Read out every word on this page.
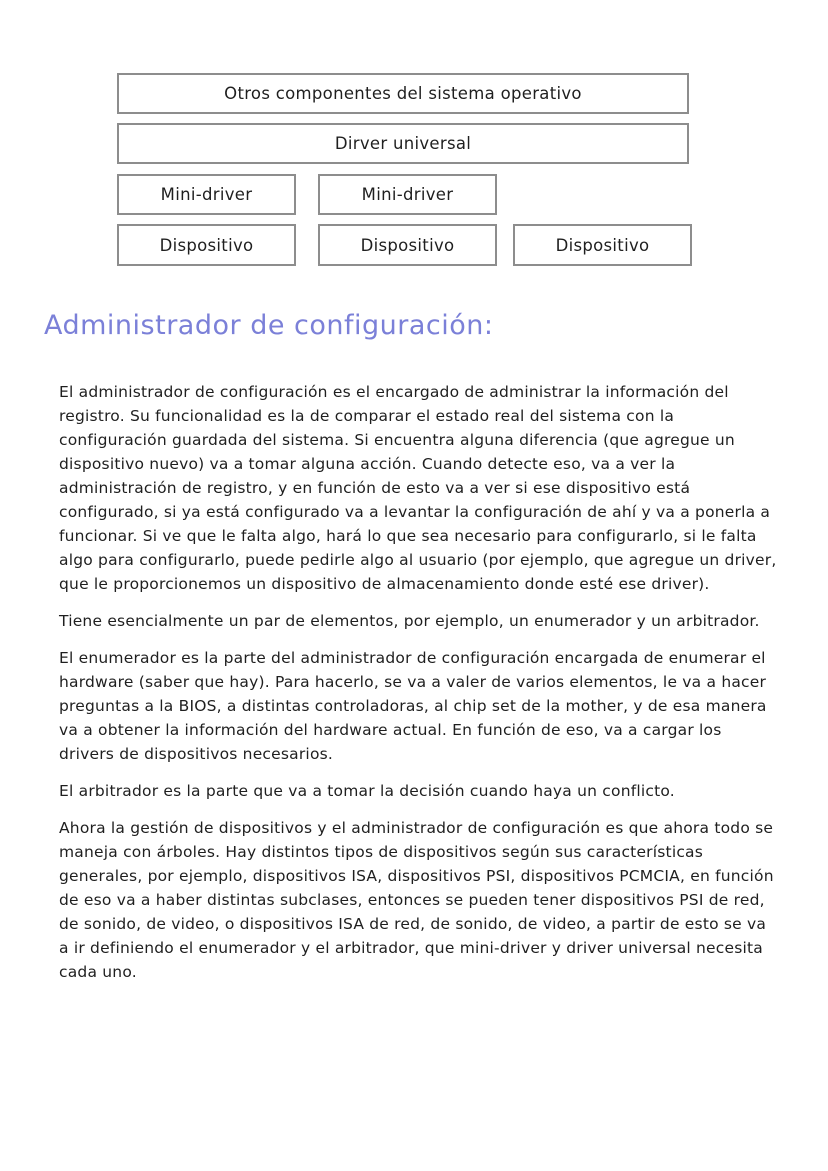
Otros componentes del sistema operativo
Dirver universal
Mini-driver	Mini-driver
Dispositivo	Dispositivo	Dispositivo
Administrador de configuración:

El administrador de configuración es el encargado de administrar la información del registro. Su funcionalidad es la de comparar el estado real del sistema con la configuración guardada del sistema. Si encuentra alguna diferencia (que agregue un dispositivo nuevo) va a tomar alguna acción. Cuando detecte eso, va a ver la administración de registro, y en función de esto va a ver si ese dispositivo está configurado, si ya está configurado va a levantar la configuración de ahí y va a ponerla a funcionar. Si ve que le falta algo, hará lo que sea necesario para configurarlo, si le falta algo para configurarlo, puede pedirle algo al usuario (por ejemplo, que agregue un driver, que le proporcionemos un dispositivo de almacenamiento donde esté ese driver).

Tiene esencialmente un par de elementos, por ejemplo, un enumerador y un arbitrador.

El enumerador es la parte del administrador de configuración encargada de enumerar el hardware (saber que hay). Para hacerlo, se va a valer de varios elementos, le va a hacer preguntas a la BIOS, a distintas controladoras, al chip set de la mother, y de esa manera va a obtener la información del hardware actual. En función de eso, va a cargar los drivers de dispositivos necesarios.

El arbitrador es la parte que va a tomar la decisión cuando haya un conflicto.

Ahora la gestión de dispositivos y el administrador de configuración es que ahora todo se maneja con árboles. Hay distintos tipos de dispositivos según sus características generales, por ejemplo, dispositivos ISA, dispositivos PSI, dispositivos PCMCIA, en función de eso va a haber distintas subclases, entonces se pueden tener dispositivos PSI de red, de sonido, de video, o dispositivos ISA de red, de sonido, de video, a partir de esto se va a ir definiendo el enumerador y el arbitrador, que mini-driver y driver universal necesita cada uno.
